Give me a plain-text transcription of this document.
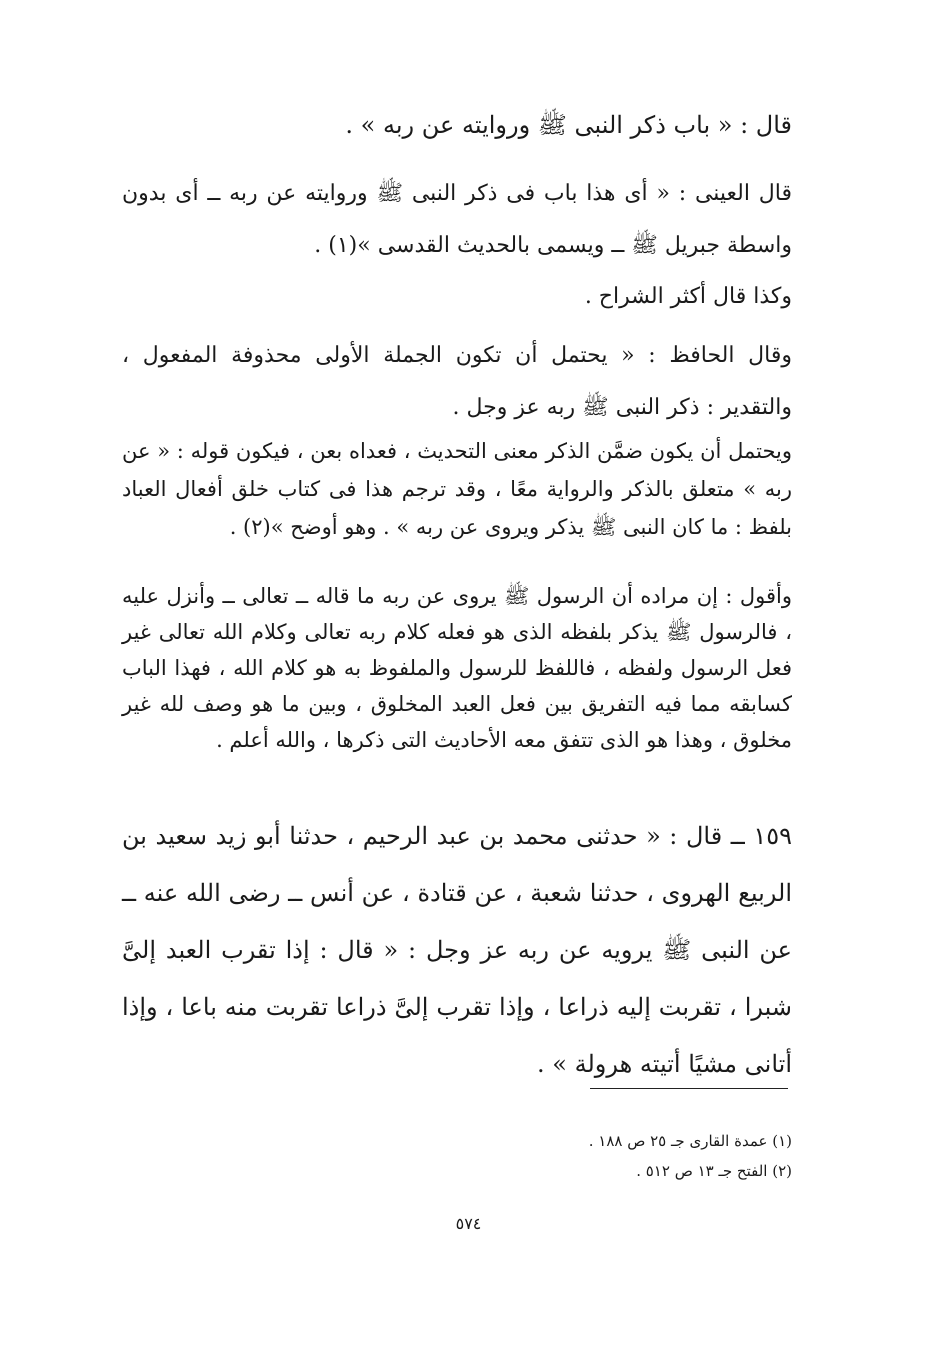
قال : « باب ذكر النبى ﷺ وروايته عن ربه » .

قال العينى : « أى هذا باب فى ذكر النبى ﷺ وروايته عن ربه ــ أى بدون واسطة جبريل ﷺ ــ ويسمى بالحديث القدسى »(١) .

وكذا قال أكثر الشراح .

وقال الحافظ : « يحتمل أن تكون الجملة الأولى محذوفة المفعول ، والتقدير : ذكر النبى ﷺ ربه عز وجل .

ويحتمل أن يكون ضمَّن الذكر معنى التحديث ، فعداه بعن ، فيكون قوله : « عن ربه » متعلق بالذكر والرواية معًا ، وقد ترجم هذا فى كتاب خلق أفعال العباد بلفظ : ما كان النبى ﷺ يذكر ويروى عن ربه » . وهو أوضح »(٢) .

وأقول : إن مراده أن الرسول ﷺ يروى عن ربه ما قاله ــ تعالى ــ وأنزل عليه ، فالرسول ﷺ يذكر بلفظه الذى هو فعله كلام ربه تعالى وكلام الله تعالى غير فعل الرسول ولفظه ، فاللفظ للرسول والملفوظ به هو كلام الله ، فهذا الباب كسابقه مما فيه التفريق بين فعل العبد المخلوق ، وبين ما هو وصف لله غير مخلوق ، وهذا هو الذى تتفق معه الأحاديث التى ذكرها ، والله أعلم .

١٥٩ ــ قال : « حدثنى محمد بن عبد الرحيم ، حدثنا أبو زيد سعيد بن الربيع الهروى ، حدثنا شعبة ، عن قتادة ، عن أنس ــ رضى الله عنه ــ عن النبى ﷺ يرويه عن ربه عز وجل : « قال : إذا تقرب العبد إلىَّ شبرا ، تقربت إليه ذراعا ، وإذا تقرب إلىَّ ذراعا تقربت منه باعا ، وإذا أتانى مشيًا أتيته هرولة » .

(١) عمدة القارى جـ ٢٥ ص ١٨٨ .

(٢) الفتح جـ ١٣ ص ٥١٢ .

٥٧٤
